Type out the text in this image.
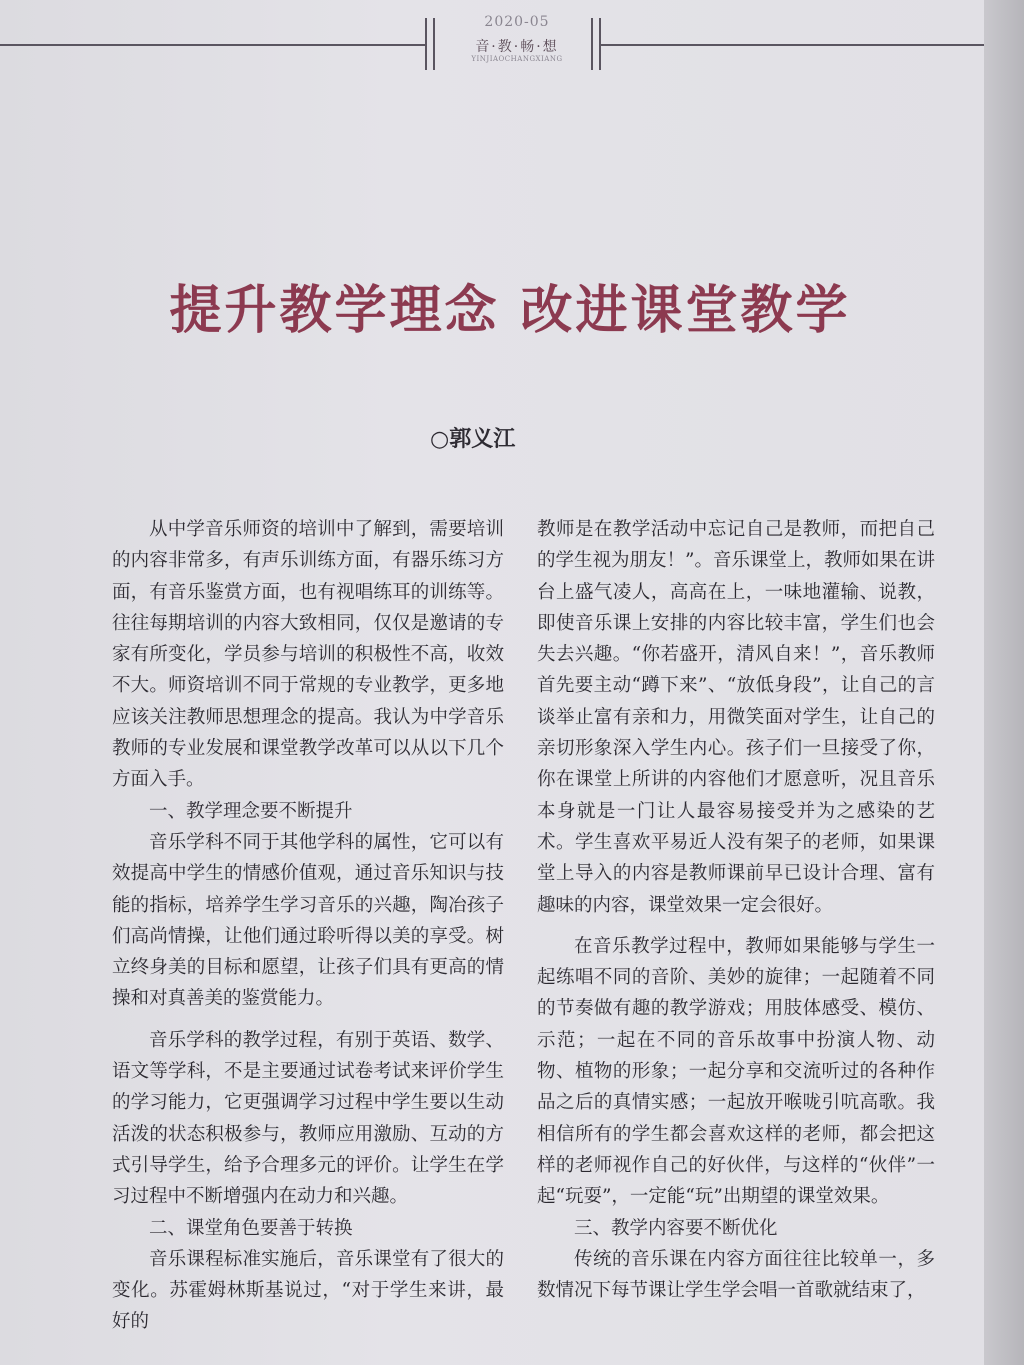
2020-05
音·教·畅·想
YINJIAOCHANGXIANG
提升教学理念 改进课堂教学
○郭义江

从中学音乐师资的培训中了解到，需要培训的内容非常多，有声乐训练方面，有器乐练习方面，有音乐鉴赏方面，也有视唱练耳的训练等。往往每期培训的内容大致相同，仅仅是邀请的专家有所变化，学员参与培训的积极性不高，收效不大。师资培训不同于常规的专业教学，更多地应该关注教师思想理念的提高。我认为中学音乐教师的专业发展和课堂教学改革可以从以下几个方面入手。

一、教学理念要不断提升

音乐学科不同于其他学科的属性，它可以有效提高中学生的情感价值观，通过音乐知识与技能的指标，培养学生学习音乐的兴趣，陶冶孩子们高尚情操，让他们通过聆听得以美的享受。树立终身美的目标和愿望，让孩子们具有更高的情操和对真善美的鉴赏能力。

音乐学科的教学过程，有别于英语、数学、语文等学科，不是主要通过试卷考试来评价学生的学习能力，它更强调学习过程中学生要以生动活泼的状态积极参与，教师应用激励、互动的方式引导学生，给予合理多元的评价。让学生在学习过程中不断增强内在动力和兴趣。

二、课堂角色要善于转换

音乐课程标准实施后，音乐课堂有了很大的变化。苏霍姆林斯基说过，“对于学生来讲，最好的

教师是在教学活动中忘记自己是教师，而把自己的学生视为朋友！”。音乐课堂上，教师如果在讲台上盛气凌人，高高在上，一味地灌输、说教，即使音乐课上安排的内容比较丰富，学生们也会失去兴趣。“你若盛开，清风自来！”，音乐教师首先要主动“蹲下来”、“放低身段”，让自己的言谈举止富有亲和力，用微笑面对学生，让自己的亲切形象深入学生内心。孩子们一旦接受了你，你在课堂上所讲的内容他们才愿意听，况且音乐本身就是一门让人最容易接受并为之感染的艺术。学生喜欢平易近人没有架子的老师，如果课堂上导入的内容是教师课前早已设计合理、富有趣味的内容，课堂效果一定会很好。

在音乐教学过程中，教师如果能够与学生一起练唱不同的音阶、美妙的旋律；一起随着不同的节奏做有趣的教学游戏；用肢体感受、模仿、示范；一起在不同的音乐故事中扮演人物、动物、植物的形象；一起分享和交流听过的各种作品之后的真情实感；一起放开喉咙引吭高歌。我相信所有的学生都会喜欢这样的老师，都会把这样的老师视作自己的好伙伴，与这样的“伙伴”一起“玩耍”，一定能“玩”出期望的课堂效果。

三、教学内容要不断优化

传统的音乐课在内容方面往往比较单一，多数情况下每节课让学生学会唱一首歌就结束了，
